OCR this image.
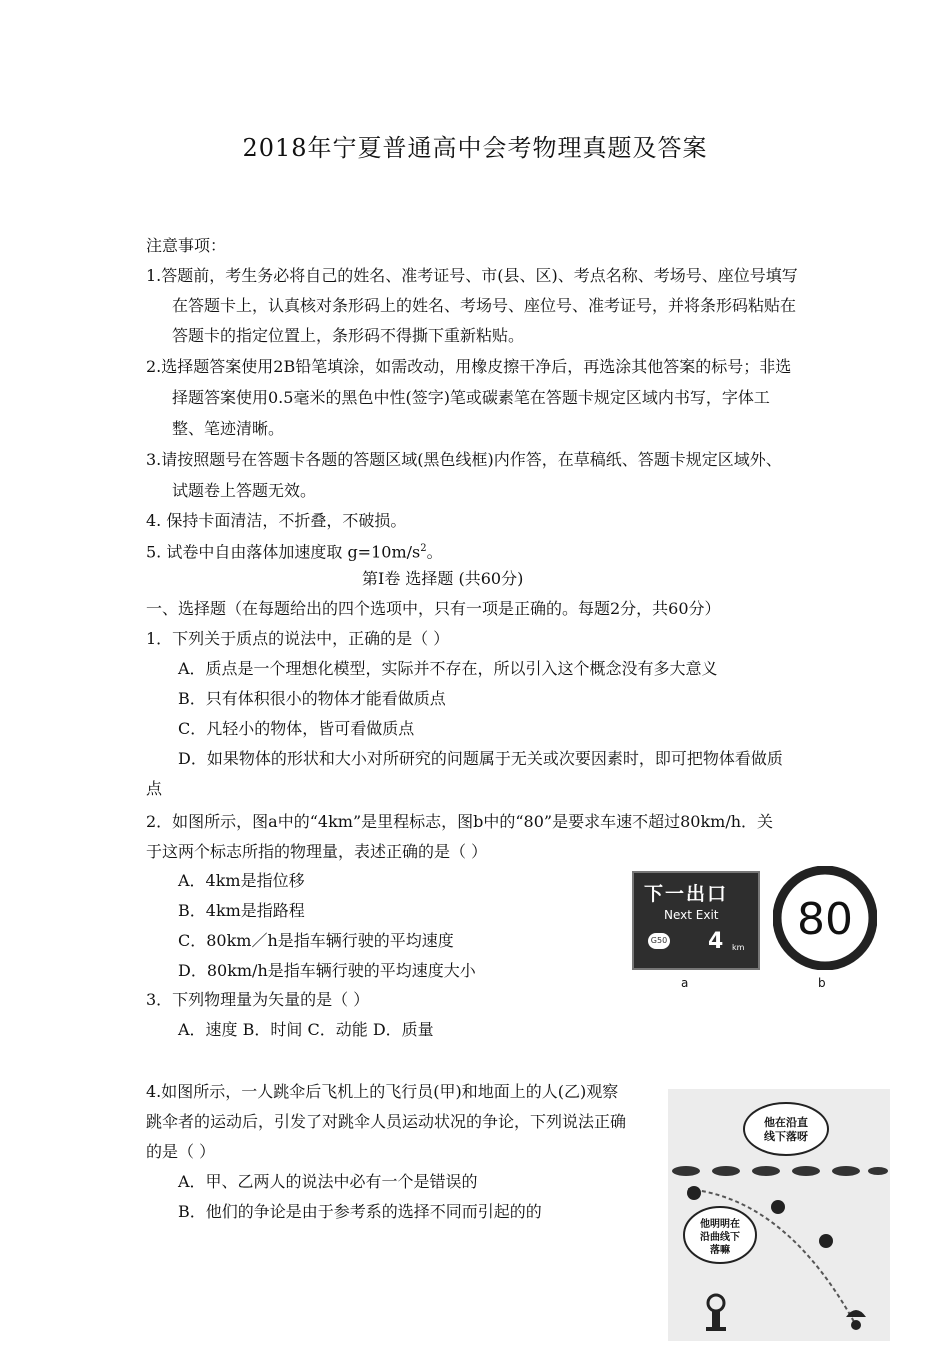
2018年宁夏普通高中会考物理真题及答案
注意事项：
1.答题前，考生务必将自己的姓名、准考证号、市(县、区)、考点名称、考场号、座位号填写
在答题卡上，认真核对条形码上的姓名、考场号、座位号、准考证号，并将条形码粘贴在
答题卡的指定位置上，条形码不得撕下重新粘贴。
2.选择题答案使用2B铅笔填涂，如需改动，用橡皮擦干净后，再选涂其他答案的标号；非选
择题答案使用0.5毫米的黑色中性(签字)笔或碳素笔在答题卡规定区域内书写，字体工
整、笔迹清晰。
3.请按照题号在答题卡各题的答题区域(黑色线框)内作答，在草稿纸、答题卡规定区域外、
试题卷上答题无效。
4. 保持卡面清洁，不折叠，不破损。
5. 试卷中自由落体加速度取 $g=10m/s^2$。
第Ⅰ卷 选择题 (共60分)
一、选择题（在每题给出的四个选项中，只有一项是正确的。每题2分，共60分）
1．下列关于质点的说法中，正确的是（ ）
A．质点是一个理想化模型，实际并不存在，所以引入这个概念没有多大意义
B．只有体积很小的物体才能看做质点
C．凡轻小的物体，皆可看做质点
D．如果物体的形状和大小对所研究的问题属于无关或次要因素时，即可把物体看做质
点
2．如图所示，图a中的“4km”是里程标志，图b中的“80”是要求车速不超过80km/h．关
于这两个标志所指的物理量，表述正确的是（ ）
A．4km是指位移
B．4km是指路程
C．80km／h是指车辆行驶的平均速度
D．80km/h是指车辆行驶的平均速度大小
下一出口
Next Exit
G50 4 km
a
80
b
3．下列物理量为矢量的是（ ）
A．速度 B．时间 C．动能 D．质量
4.如图所示，一人跳伞后飞机上的飞行员(甲)和地面上的人(乙)观察
跳伞者的运动后，引发了对跳伞人员运动状况的争论，下列说法正确
的是（ ）
A．甲、乙两人的说法中必有一个是错误的
B．他们的争论是由于参考系的选择不同而引起的的
他在沿直
线下落呀
他明明在
沿曲线下
落嘛
